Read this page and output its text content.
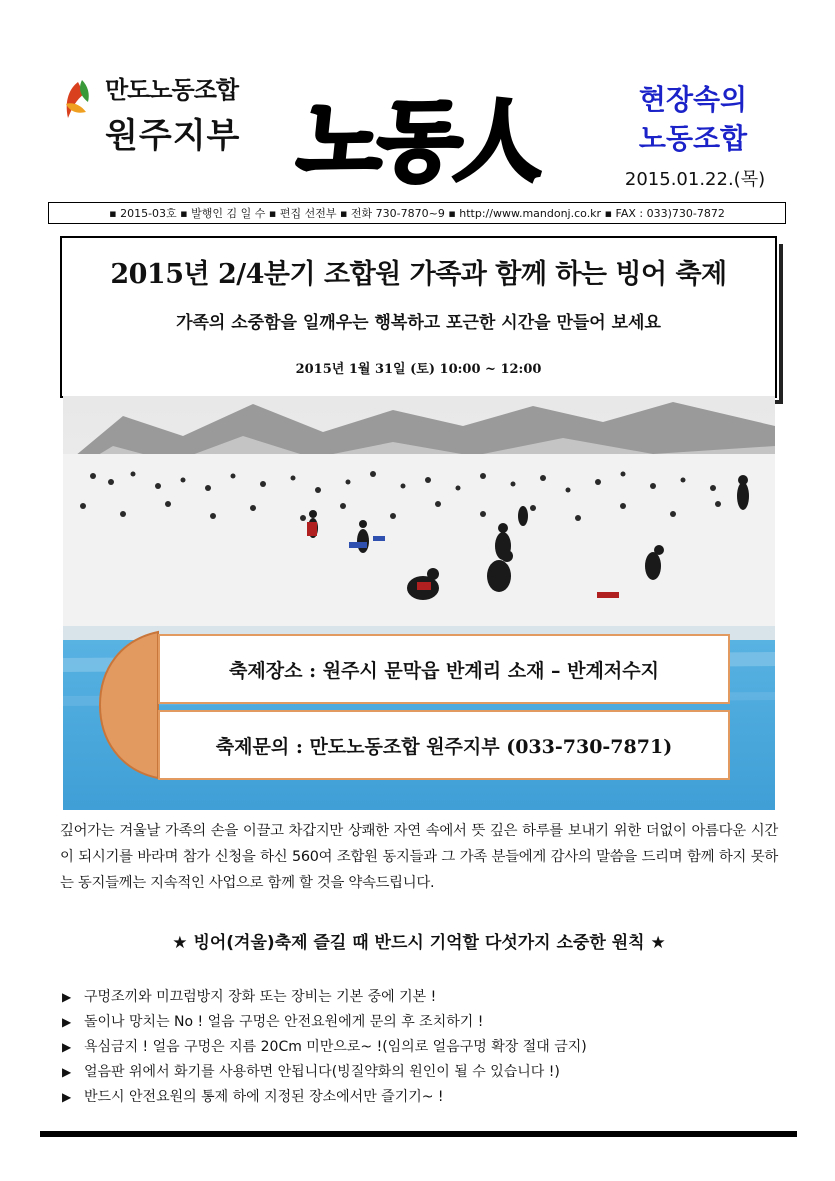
만도노동조합
원주지부 노동人	현장속의
노동조합
2015.01.22.(목)
▪ 2015-03호 ▪ 발행인 김 일 수 ▪ 편집 선전부 ▪ 전화 730-7870~9 ▪ http://www.mandonj.co.kr ▪ FAX : 033)730-7872
2015년 2/4분기 조합원 가족과 함께 하는 빙어 축제
가족의 소중함을 일깨우는 행복하고 포근한 시간을 만들어 보세요
2015년 1월 31일 (토) 10:00 ~ 12:00
축제장소 : 원주시 문막읍 반계리 소재 – 반계저수지
축제문의 : 만도노동조합 원주지부 (033-730-7871)
깊어가는 겨울날 가족의 손을 이끌고 차갑지만 상쾌한 자연 속에서 뜻 깊은 하루를 보내기 위한 더없이 아름다운 시간이 되시기를 바라며 참가 신청을 하신 560여 조합원 동지들과 그 가족 분들에게 감사의 말씀을 드리며 함께 하지 못하는 동지들께는 지속적인 사업으로 함께 할 것을 약속드립니다.
★ 빙어(겨울)축제 즐길 때 반드시 기억할 다섯가지 소중한 원칙 ★
▶ 구멍조끼와 미끄럼방지 장화 또는 장비는 기본 중에 기본 !
▶ 돌이나 망치는 No ! 얼음 구멍은 안전요원에게 문의 후 조치하기 !
▶ 욕심금지 ! 얼음 구멍은 지름 20Cm 미만으로~ !(임의로 얼음구멍 확장 절대 금지)
▶ 얼음판 위에서 화기를 사용하면 안됩니다(빙질약화의 원인이 될 수 있습니다 !)
▶ 반드시 안전요원의 통제 하에 지정된 장소에서만 즐기기~ !
